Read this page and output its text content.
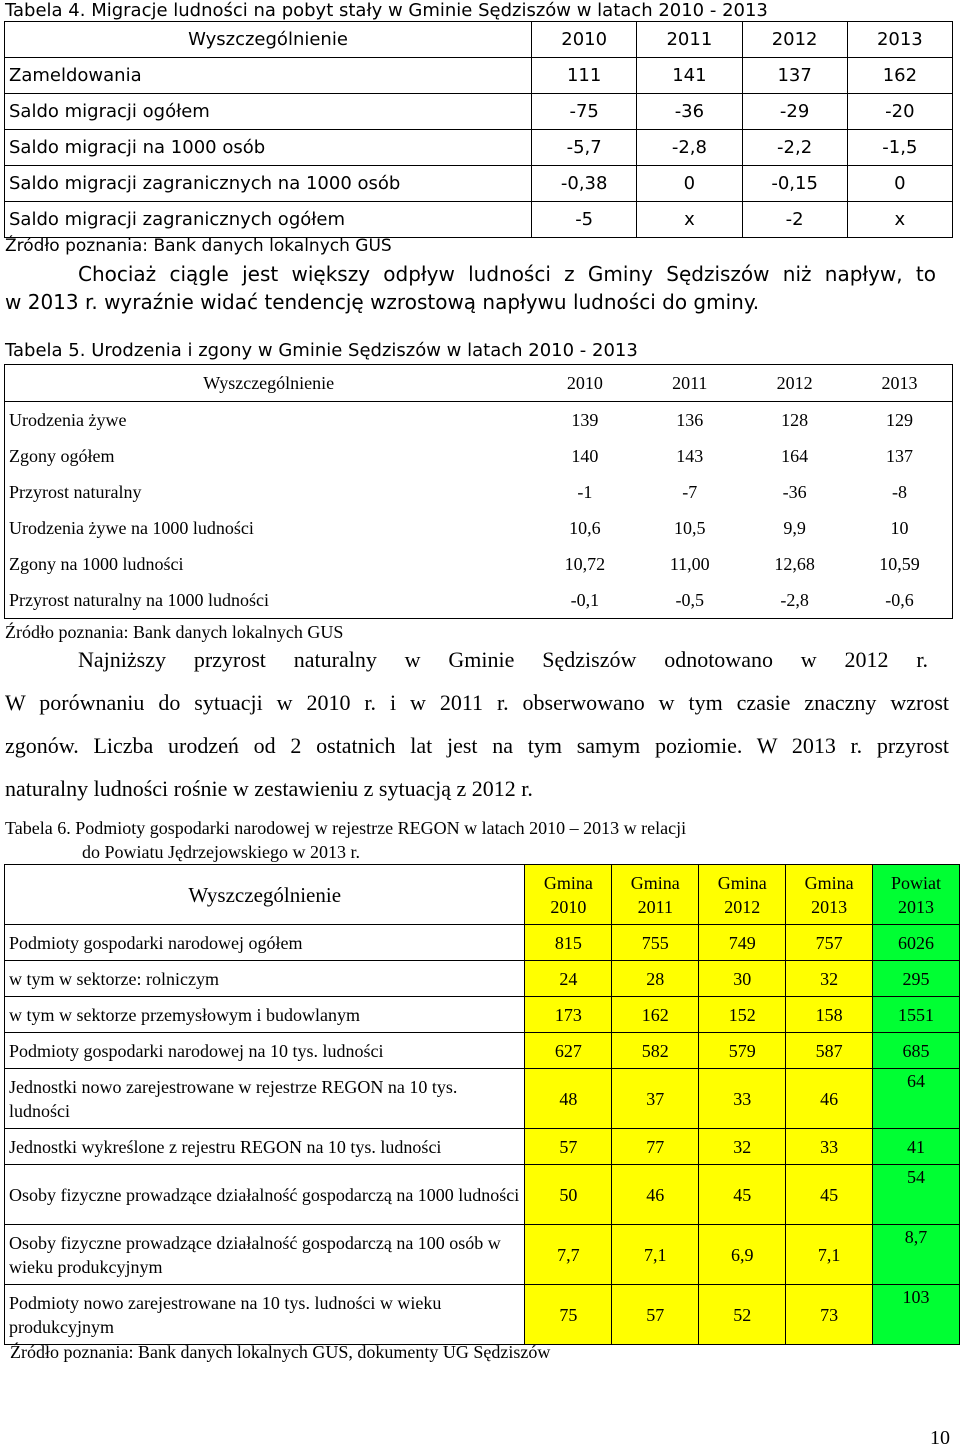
Tabela 4. Migracje ludności na pobyt stały w Gminie Sędziszów w latach 2010 - 2013
Wyszczególnienie	2010	2011	2012	2013
Zameldowania	111	141	137	162
Saldo migracji ogółem	-75	-36	-29	-20
Saldo migracji na 1000 osób	-5,7	-2,8	-2,2	-1,5
Saldo migracji zagranicznych na 1000 osób	-0,38	0	-0,15	0
Saldo migracji zagranicznych ogółem	-5	x	-2	x
Źródło poznania: Bank danych lokalnych GUS
Chociaż ciągle jest większy odpływ ludności z Gminy Sędziszów niż napływ, to
w 2013 r. wyraźnie widać tendencję wzrostową napływu ludności do gminy.
Tabela 5. Urodzenia i zgony w Gminie Sędziszów w latach 2010 - 2013
Wyszczególnienie	2010	2011	2012	2013
Urodzenia żywe	139	136	128	129
Zgony ogółem	140	143	164	137
Przyrost naturalny	-1	-7	-36	-8
Urodzenia żywe na 1000 ludności	10,6	10,5	9,9	10
Zgony na 1000 ludności	10,72	11,00	12,68	10,59
Przyrost naturalny na 1000 ludności	-0,1	-0,5	-2,8	-0,6
Źródło poznania: Bank danych lokalnych GUS
Najniższy przyrost naturalny w Gminie Sędziszów odnotowano w 2012 r.
W porównaniu do sytuacji w 2010 r. i w 2011 r. obserwowano w tym czasie znaczny wzrost
zgonów. Liczba urodzeń od 2 ostatnich lat jest na tym samym poziomie. W 2013 r. przyrost
naturalny ludności rośnie w zestawieniu z sytuacją z 2012 r.
Tabela 6. Podmioty gospodarki narodowej w rejestrze REGON w latach 2010 – 2013 w relacji
do Powiatu Jędrzejowskiego w 2013 r.
Wyszczególnienie	Gmina 2010	Gmina 2011	Gmina 2012	Gmina 2013	Powiat 2013
Podmioty gospodarki narodowej ogółem	815	755	749	757	6026
w tym w sektorze: rolniczym	24	28	30	32	295
w tym w sektorze przemysłowym i budowlanym	173	162	152	158	1551
Podmioty gospodarki narodowej na 10 tys. ludności	627	582	579	587	685
Jednostki nowo zarejestrowane w rejestrze REGON na 10 tys. ludności	48	37	33	46	64
Jednostki wykreślone z rejestru REGON na 10 tys. ludności	57	77	32	33	41
Osoby fizyczne prowadzące działalność gospodarczą na 1000 ludności	50	46	45	45	54
Osoby fizyczne prowadzące działalność gospodarczą na 100 osób w wieku produkcyjnym	7,7	7,1	6,9	7,1	8,7
Podmioty nowo zarejestrowane na 10 tys. ludności w wieku produkcyjnym	75	57	52	73	103
Źródło poznania: Bank danych lokalnych GUS, dokumenty UG Sędziszów
10
